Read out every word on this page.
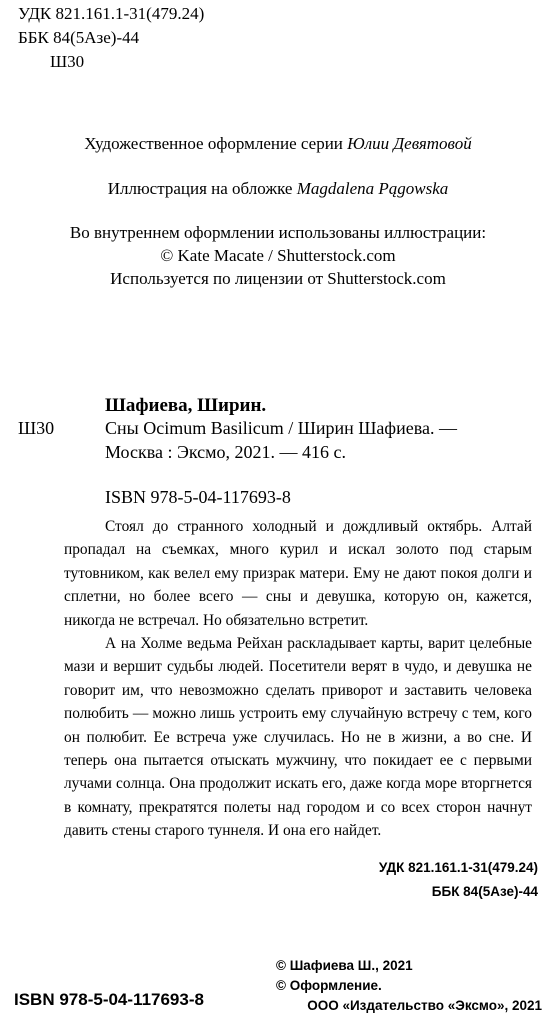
УДК 821.161.1-31(479.24)
ББК 84(5Азе)-44
Ш30
Художественное оформление серии Юлии Девятовой
Иллюстрация на обложке Magdalena Pągowska
Во внутреннем оформлении использованы иллюстрации:
© Kate Macate / Shutterstock.com
Используется по лицензии от Shutterstock.com
Шафиева, Ширин.
Ш30	Сны Ocimum Basilicum / Ширин Шафиева. —
Москва : Эксмо, 2021. — 416 с.
ISBN 978-5-04-117693-8

Стоял до странного холодный и дождливый октябрь. Алтай пропадал на съемках, много курил и искал золото под старым тутовником, как велел ему призрак матери. Ему не дают покоя долги и сплетни, но более всего — сны и девушка, которую он, кажется, никогда не встречал. Но обязательно встретит.

А на Холме ведьма Рейхан раскладывает карты, варит целебные мази и вершит судьбы людей. Посетители верят в чудо, и девушка не говорит им, что невозможно сделать приворот и заставить человека полюбить — можно лишь устроить ему случайную встречу с тем, кого он полюбит. Ее встреча уже случилась. Но не в жизни, а во сне. И теперь она пытается отыскать мужчину, что покидает ее с первыми лучами солнца. Она продолжит искать его, даже когда море вторгнется в комнату, прекратятся полеты над городом и со всех сторон начнут давить стены старого туннеля. И она его найдет.

УДК 821.161.1-31(479.24)
ББК 84(5Азе)-44
ISBN 978-5-04-117693-8
© Шафиева Ш., 2021
© Оформление.
ООО «Издательство «Эксмо», 2021
